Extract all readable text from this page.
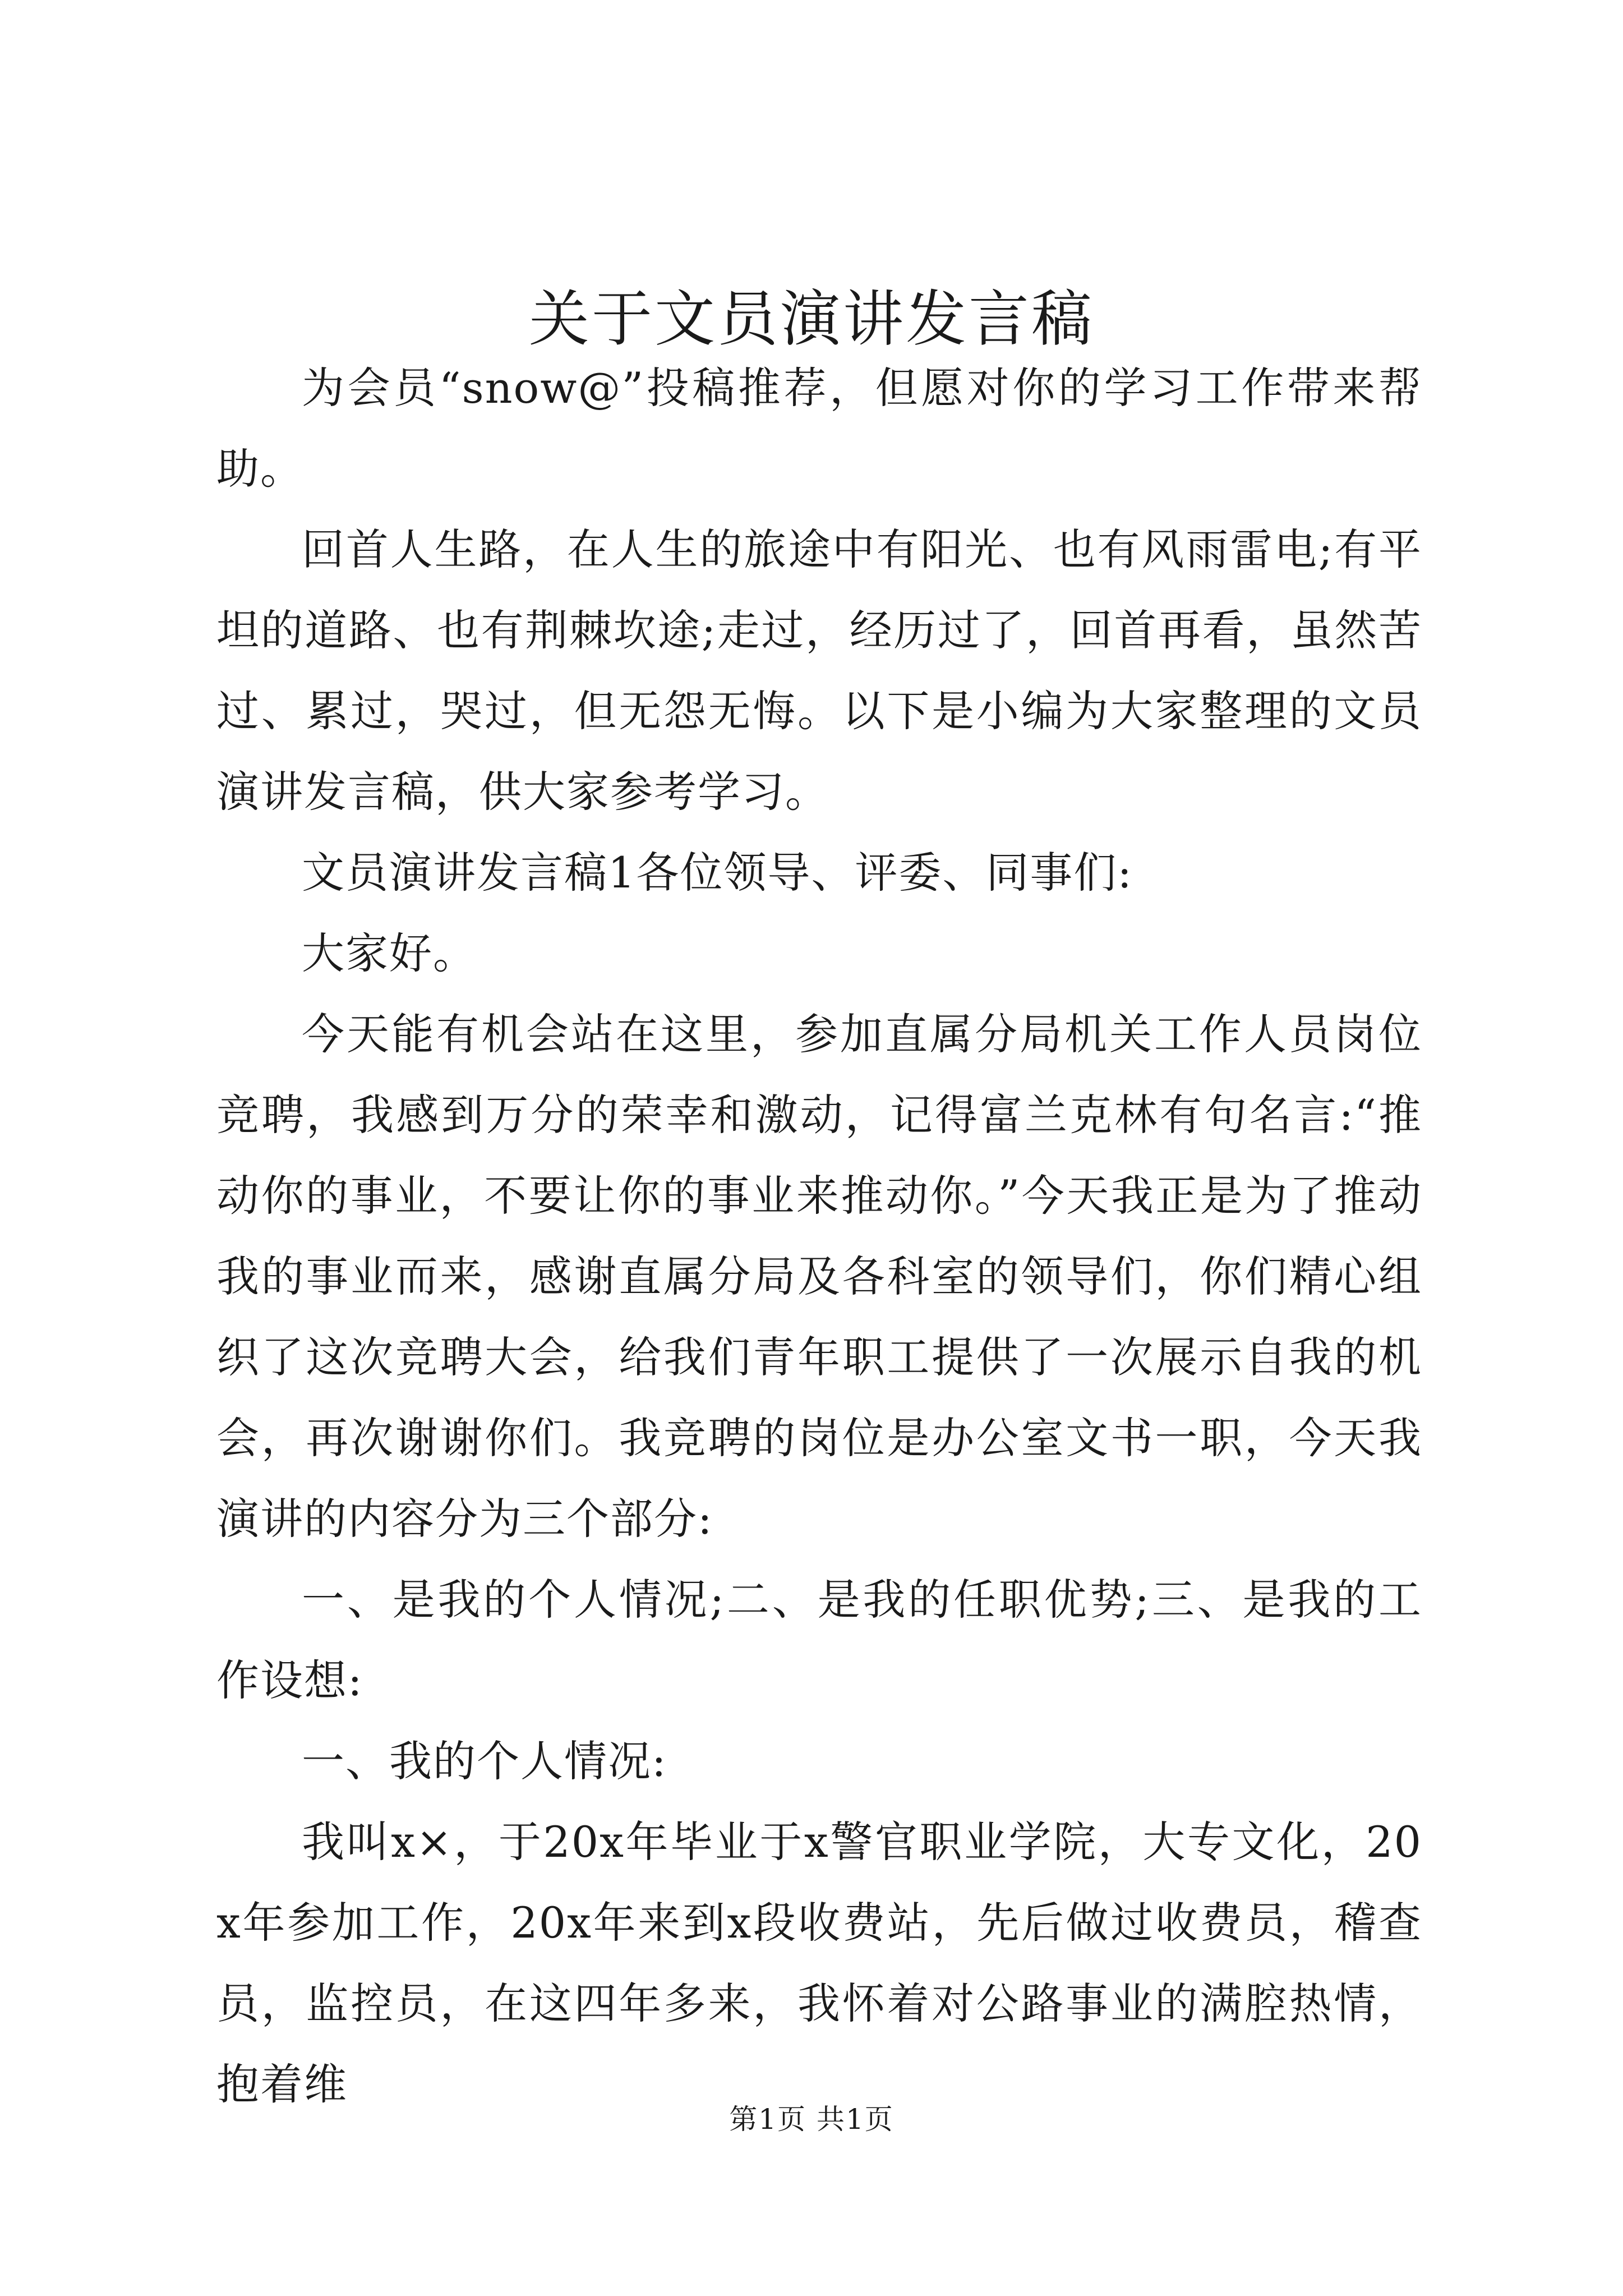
关于文员演讲发言稿

为会员“snow@”投稿推荐，但愿对你的学习工作带来帮助。

回首人生路，在人生的旅途中有阳光、也有风雨雷电;有平坦的道路、也有荆棘坎途;走过，经历过了，回首再看，虽然苦过、累过，哭过，但无怨无悔。以下是小编为大家整理的文员演讲发言稿，供大家参考学习。

文员演讲发言稿1各位领导、评委、同事们:

大家好。

今天能有机会站在这里，参加直属分局机关工作人员岗位竞聘，我感到万分的荣幸和激动，记得富兰克林有句名言:“推动你的事业，不要让你的事业来推动你。”今天我正是为了推动我的事业而来，感谢直属分局及各科室的领导们，你们精心组织了这次竞聘大会，给我们青年职工提供了一次展示自我的机会，再次谢谢你们。我竞聘的岗位是办公室文书一职，今天我演讲的内容分为三个部分:

一、是我的个人情况;二、是我的任职优势;三、是我的工作设想:

一、我的个人情况:

我叫x×，于20x年毕业于x警官职业学院，大专文化，20x年参加工作，20x年来到x段收费站，先后做过收费员，稽查员，监控员，在这四年多来，我怀着对公路事业的满腔热情，抱着维

第1页 共1页
